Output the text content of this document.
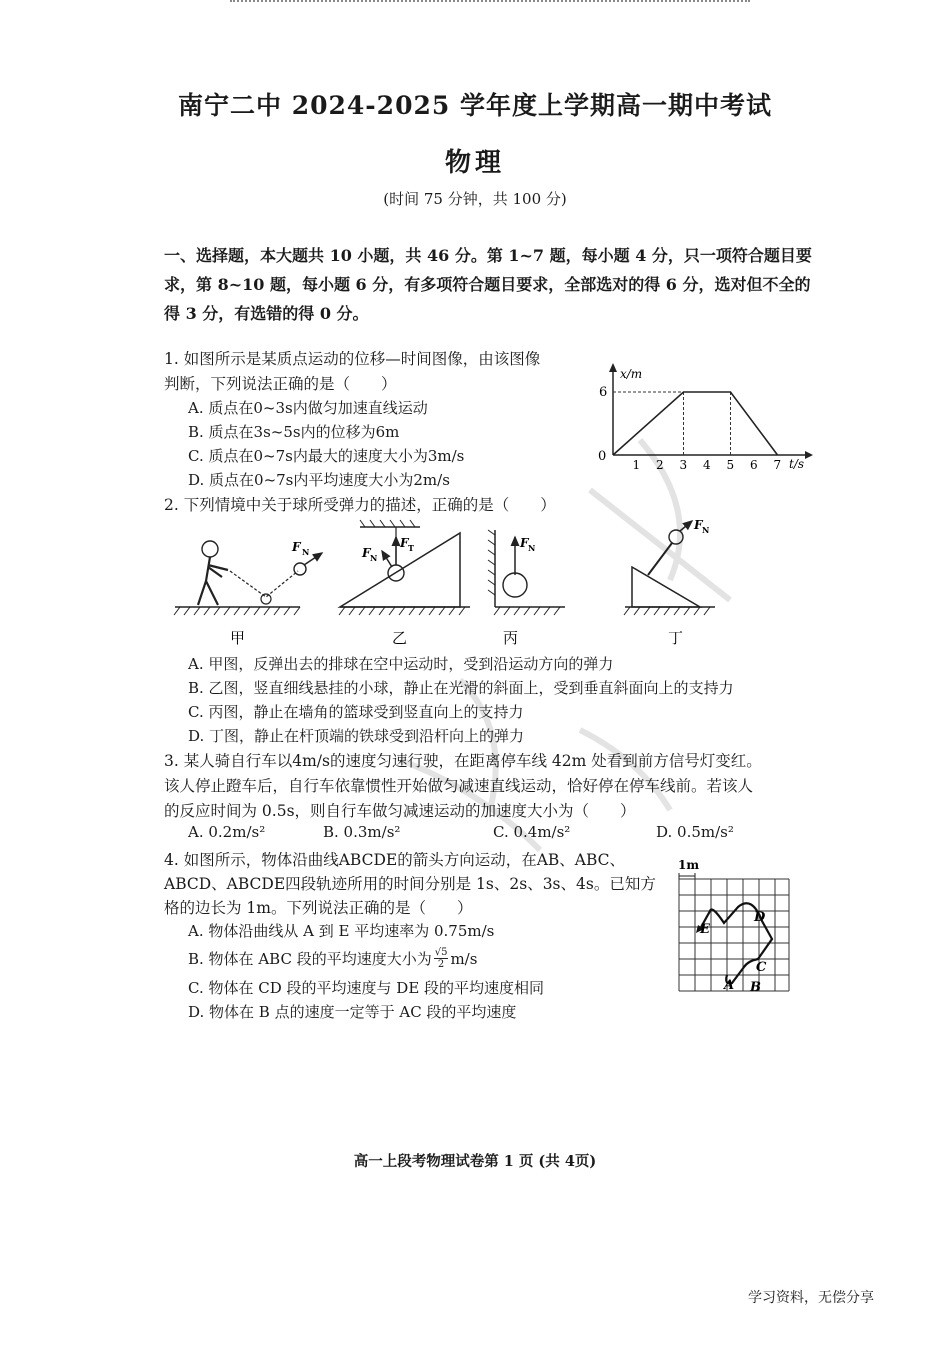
南宁二中 2024-2025 学年度上学期高一期中考试
物理
(时间 75 分钟，共 100 分)
一、选择题，本大题共 10 小题，共 46 分。第 1~7 题，每小题 4 分，只一项符合题目要
求，第 8~10 题，每小题 6 分，有多项符合题目要求，全部选对的得 6 分，选对但不全的
得 3 分，有选错的得 0 分。
1. 如图所示是某质点运动的位移—时间图像，由该图像
判断，下列说法正确的是（　　）
A. 质点在0~3s内做匀加速直线运动
B. 质点在3s~5s内的位移为6m
C. 质点在0~7s内最大的速度大小为3m/s
D. 质点在0~7s内平均速度大小为2m/s
x/m
t/s
0
1 2 3 4 5 6 7
6
2. 下列情境中关于球所受弹力的描述，正确的是（　　）
F N
甲
F T
F N
乙
F N
丙
F N
丁
A. 甲图，反弹出去的排球在空中运动时，受到沿运动方向的弹力
B. 乙图，竖直细线悬挂的小球，静止在光滑的斜面上，受到垂直斜面向上的支持力
C. 丙图，静止在墙角的篮球受到竖直向上的支持力
D. 丁图，静止在杆顶端的铁球受到沿杆向上的弹力
3. 某人骑自行车以4m/s的速度匀速行驶，在距离停车线 42m 处看到前方信号灯变红。
该人停止蹬车后，自行车依靠惯性开始做匀减速直线运动，恰好停在停车线前。若该人
的反应时间为 0.5s，则自行车做匀减速运动的加速度大小为（　　）
A. 0.2m/s²	B. 0.3m/s²	C. 0.4m/s²	D. 0.5m/s²
4. 如图所示，物体沿曲线ABCDE的箭头方向运动，在AB、ABC、
ABCD、ABCDE四段轨迹所用的时间分别是 1s、2s、3s、4s。已知方
格的边长为 1m。下列说法正确的是（　　）
A. 物体沿曲线从 A 到 E 平均速率为 0.75m/s
B. 物体在 ABC 段的平均速度大小为 $\frac{√5}{2} m/s$
C. 物体在 CD 段的平均速度与 DE 段的平均速度相同
D. 物体在 B 点的速度一定等于 AC 段的平均速度
1m
A B
C
D
E
高一上段考物理试卷第 1 页 (共 4页)
学习资料，无偿分享
